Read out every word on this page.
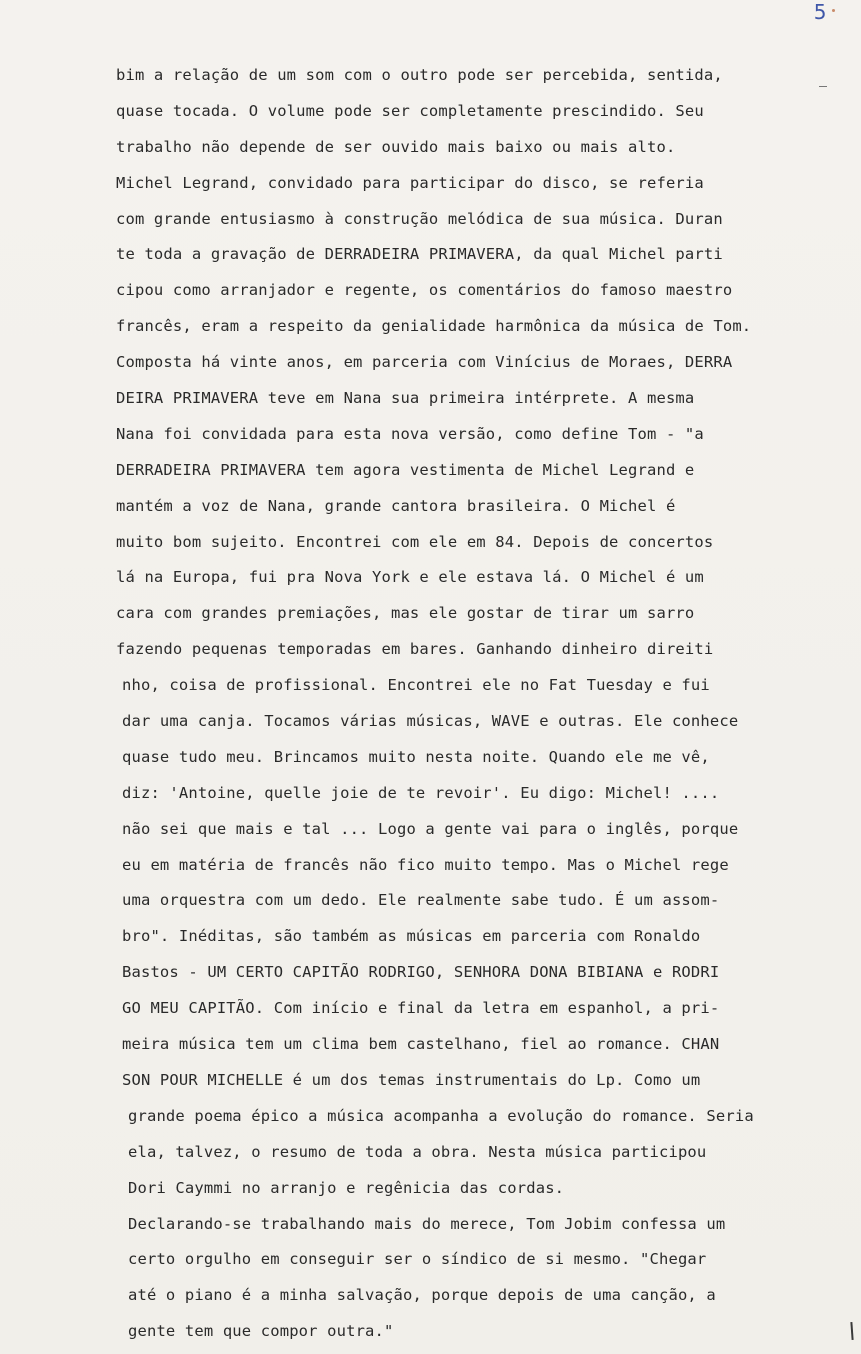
5
bim a relação de um som com o outro pode ser percebida, sentida,
quase tocada. O volume pode ser completamente prescindido. Seu
trabalho não depende de ser ouvido mais baixo ou mais alto.
Michel Legrand, convidado para participar do disco, se referia
com grande entusiasmo à construção melódica de sua música. Duran
te toda a gravação de DERRADEIRA PRIMAVERA, da qual Michel parti
cipou como arranjador e regente, os comentários do famoso maestro
francês, eram a respeito da genialidade harmônica da música de Tom.
Composta há vinte anos, em parceria com Vinícius de Moraes, DERRA
DEIRA PRIMAVERA teve em Nana sua primeira intérprete. A mesma
Nana foi convidada para esta nova versão, como define Tom - "a
DERRADEIRA PRIMAVERA tem agora vestimenta de Michel Legrand e
mantém a voz de Nana, grande cantora brasileira. O Michel é
muito bom sujeito. Encontrei com ele em 84. Depois de concertos
lá na Europa, fui pra Nova York e ele estava lá. O Michel é um
cara com grandes premiações, mas ele gostar de tirar um sarro
fazendo pequenas temporadas em bares. Ganhando dinheiro direiti
nho, coisa de profissional. Encontrei ele no Fat Tuesday e fui
dar uma canja. Tocamos várias músicas, WAVE e outras. Ele conhece
quase tudo meu. Brincamos muito nesta noite. Quando ele me vê,
diz: 'Antoine, quelle joie de te revoir'. Eu digo: Michel! ....
não sei que mais e tal ... Logo a gente vai para o inglês, porque
eu em matéria de francês não fico muito tempo. Mas o Michel rege
uma orquestra com um dedo. Ele realmente sabe tudo. É um assom-
bro". Inéditas, são também as músicas em parceria com Ronaldo
Bastos - UM CERTO CAPITÃO RODRIGO, SENHORA DONA BIBIANA e RODRI
GO MEU CAPITÃO. Com início e final da letra em espanhol, a pri-
meira música tem um clima bem castelhano, fiel ao romance. CHAN
SON POUR MICHELLE é um dos temas instrumentais do Lp. Como um
grande poema épico a música acompanha a evolução do romance. Seria
ela, talvez, o resumo de toda a obra. Nesta música participou
Dori Caymmi no arranjo e regênicia das cordas.
Declarando-se trabalhando mais do merece, Tom Jobim confessa um
certo orgulho em conseguir ser o síndico de si mesmo. "Chegar
até o piano é a minha salvação, porque depois de uma canção, a
gente tem que compor outra."
